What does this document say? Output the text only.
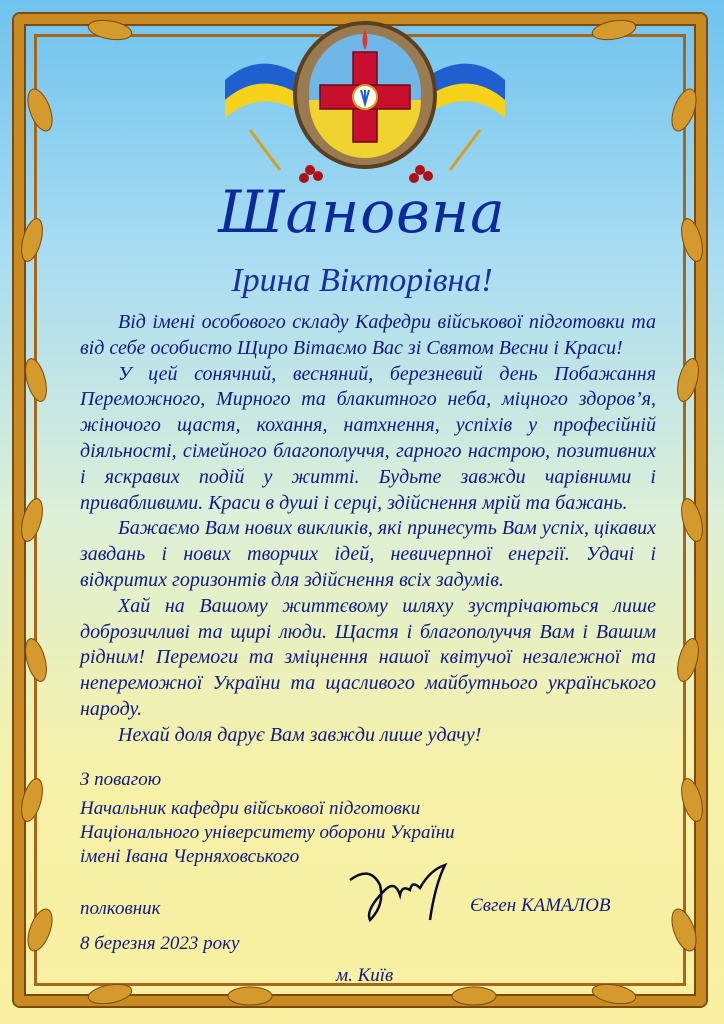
Шановна
Ірина Вікторівна!

Від імені особового складу Кафедри військової підготовки та від себе особисто Щиро Вітаємо Вас зі Святом Весни і Краси!

У цей сонячний, весняний, березневий день Побажання Переможного, Мирного та блакитного неба, міцного здоров’я, жіночого щастя, кохання, натхнення, успіхів у професійній діяльності, сімейного благополуччя, гарного настрою, позитивних і яскравих подій у житті. Будьте завжди чарівними і привабливими. Краси в душі і серці, здійснення мрій та бажань.

Бажаємо Вам нових викликів, які принесуть Вам успіх, цікавих завдань і нових творчих ідей, невичерпної енергії. Удачі і відкритих горизонтів для здійснення всіх задумів.

Хай на Вашому життєвому шляху зустрічаються лише доброзичливі та щирі люди. Щастя і благополуччя Вам і Вашим рідним! Перемоги та зміцнення нашої квітучої незалежної та непереможної України та щасливого майбутнього українського народу.

Нехай доля дарує Вам завжди лише удачу!

З повагою
Начальник кафедри військової підготовки
Національного університету оборони України
імені Івана Черняховського
полковник
8 березня 2023 року
Євген КАМАЛОВ
м. Київ
